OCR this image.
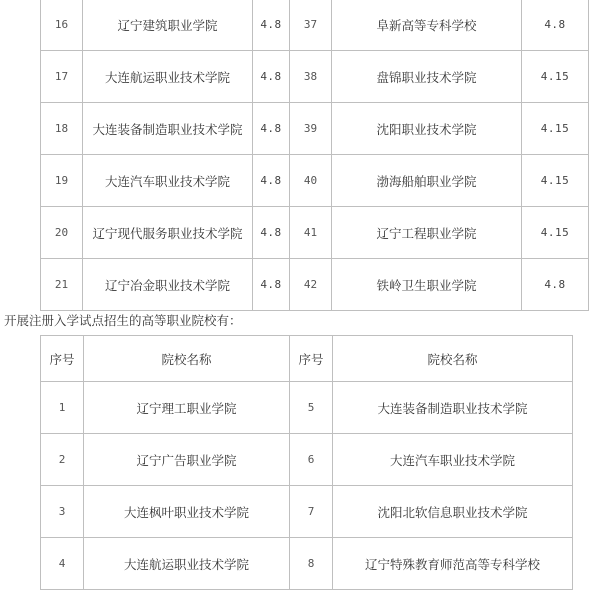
16	辽宁建筑职业学院	4.8	37	阜新高等专科学校	4.8
17	大连航运职业技术学院	4.8	38	盘锦职业技术学院	4.15
18	大连装备制造职业技术学院	4.8	39	沈阳职业技术学院	4.15
19	大连汽车职业技术学院	4.8	40	渤海船舶职业学院	4.15
20	辽宁现代服务职业技术学院	4.8	41	辽宁工程职业学院	4.15
21	辽宁冶金职业技术学院	4.8	42	铁岭卫生职业学院	4.8
开展注册入学试点招生的高等职业院校有：
序号	院校名称	序号	院校名称
1	辽宁理工职业学院	5	大连装备制造职业技术学院
2	辽宁广告职业学院	6	大连汽车职业技术学院
3	大连枫叶职业技术学院	7	沈阳北软信息职业技术学院
4	大连航运职业技术学院	8	辽宁特殊教育师范高等专科学校
